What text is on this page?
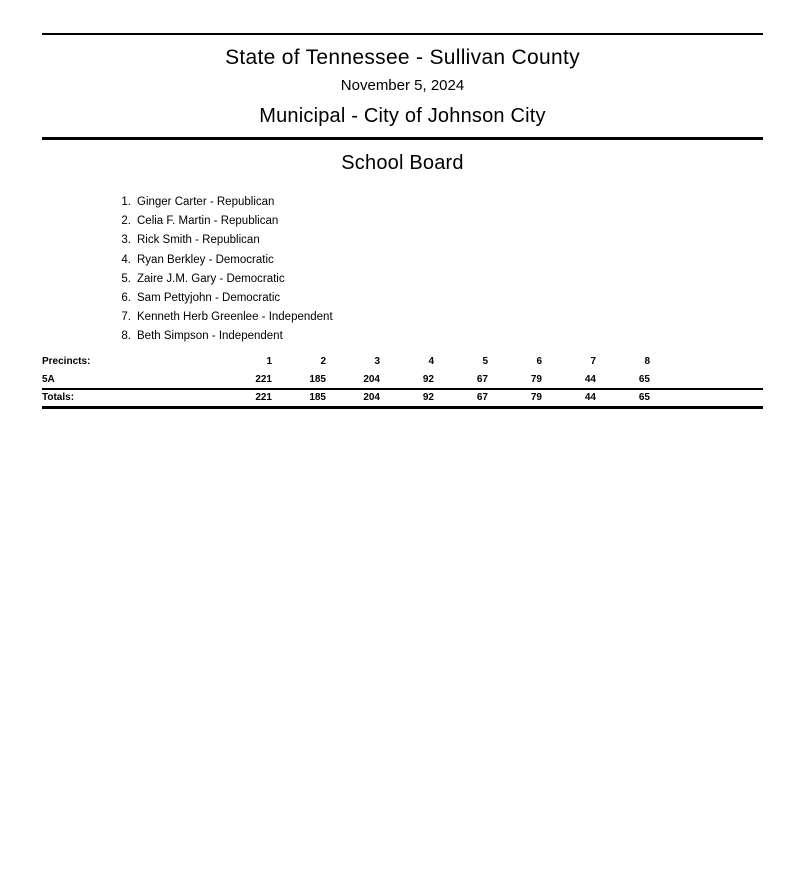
State of Tennessee - Sullivan County
November 5, 2024
Municipal - City of Johnson City
School Board
1. Ginger Carter - Republican
2. Celia F. Martin - Republican
3. Rick Smith - Republican
4. Ryan Berkley - Democratic
5. Zaire J.M. Gary - Democratic
6. Sam Pettyjohn - Democratic
7. Kenneth Herb Greenlee - Independent
8. Beth Simpson - Independent
Precincts:	1	2	3	4	5	6	7	8	
5A	221	185	204	92	67	79	44	65	
Totals:	221	185	204	92	67	79	44	65	
